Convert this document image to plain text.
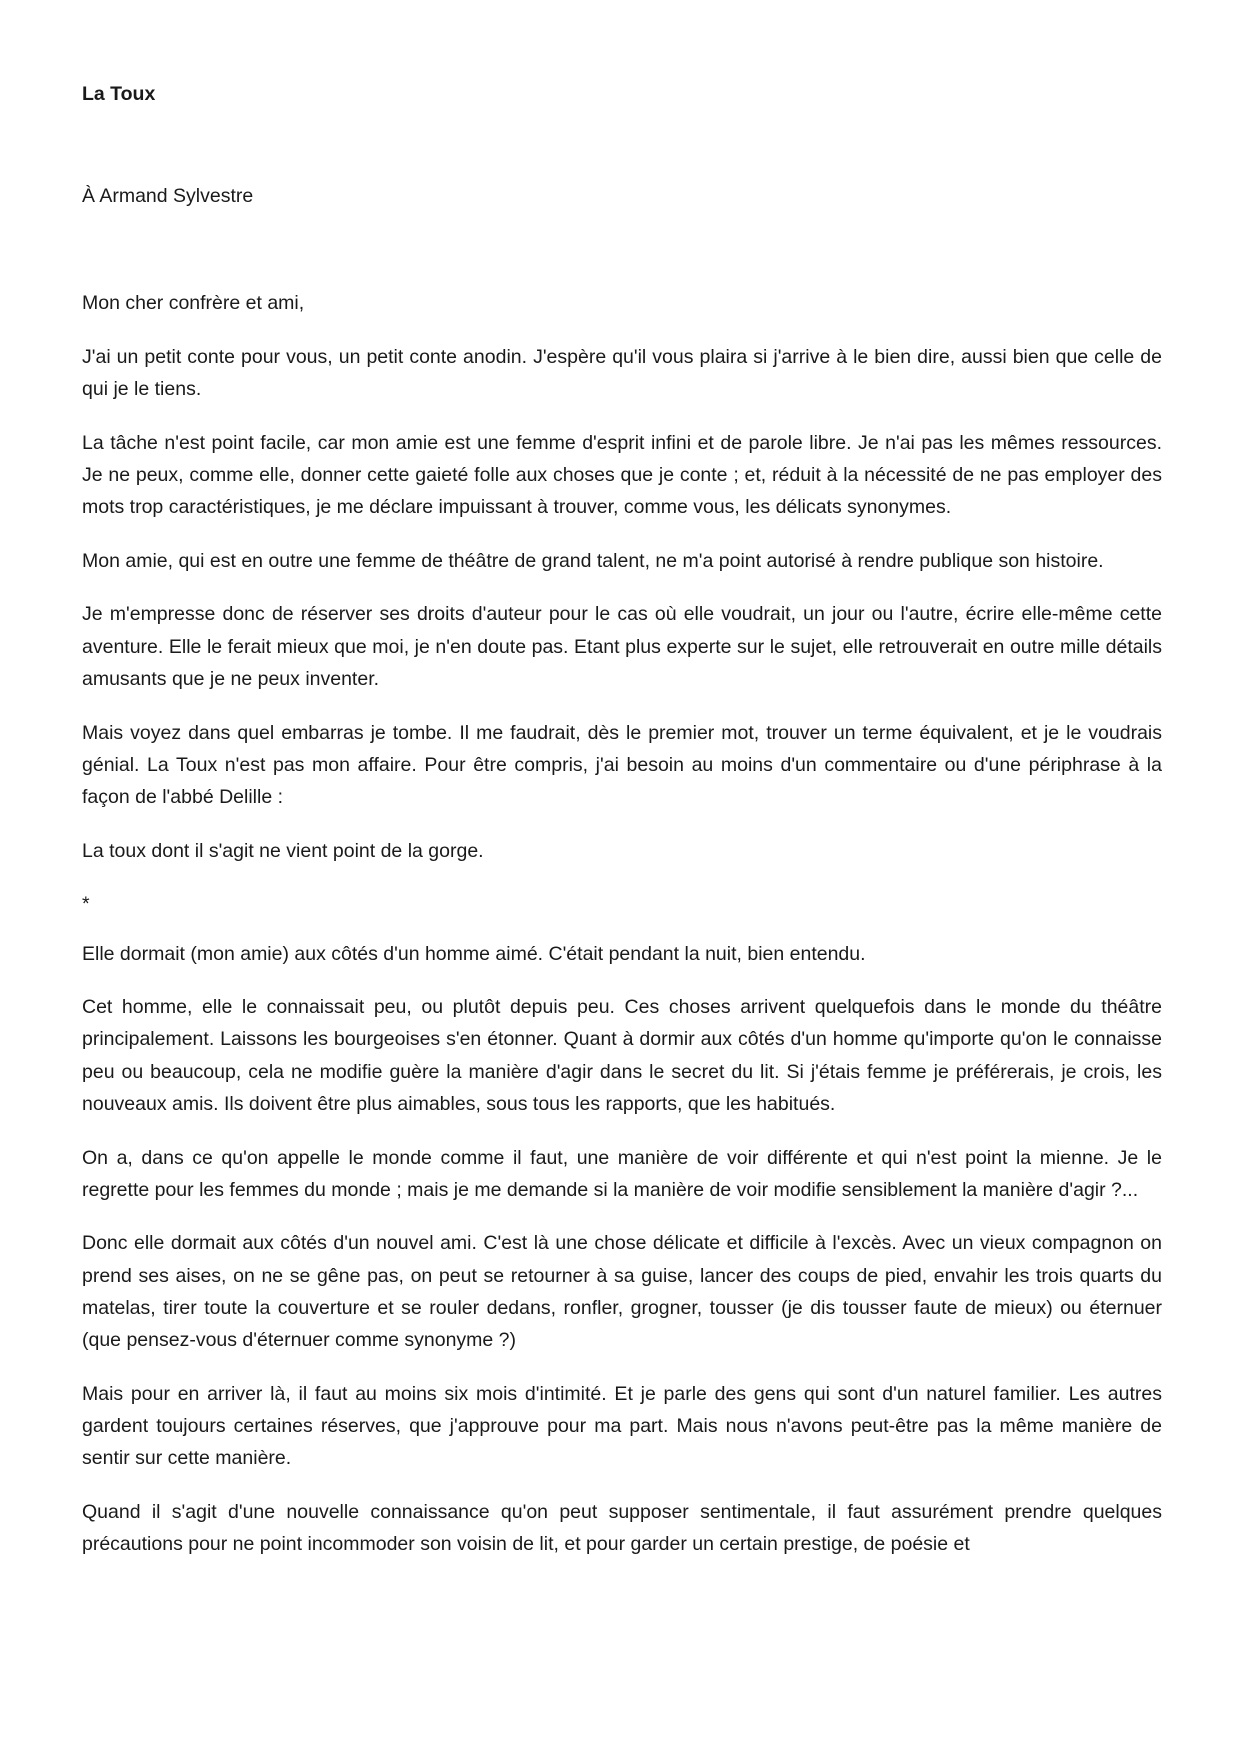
La Toux

À Armand Sylvestre

Mon cher confrère et ami,

J'ai un petit conte pour vous, un petit conte anodin. J'espère qu'il vous plaira si j'arrive à le bien dire, aussi bien que celle de qui je le tiens.

La tâche n'est point facile, car mon amie est une femme d'esprit infini et de parole libre. Je n'ai pas les mêmes ressources. Je ne peux, comme elle, donner cette gaieté folle aux choses que je conte ; et, réduit à la nécessité de ne pas employer des mots trop caractéristiques, je me déclare impuissant à trouver, comme vous, les délicats synonymes.

Mon amie, qui est en outre une femme de théâtre de grand talent, ne m'a point autorisé à rendre publique son histoire.

Je m'empresse donc de réserver ses droits d'auteur pour le cas où elle voudrait, un jour ou l'autre, écrire elle-même cette aventure. Elle le ferait mieux que moi, je n'en doute pas. Etant plus experte sur le sujet, elle retrouverait en outre mille détails amusants que je ne peux inventer.

Mais voyez dans quel embarras je tombe. Il me faudrait, dès le premier mot, trouver un terme équivalent, et je le voudrais génial. La Toux n'est pas mon affaire. Pour être compris, j'ai besoin au moins d'un commentaire ou d'une périphrase à la façon de l'abbé Delille :

La toux dont il s'agit ne vient point de la gorge.

*

Elle dormait (mon amie) aux côtés d'un homme aimé. C'était pendant la nuit, bien entendu.

Cet homme, elle le connaissait peu, ou plutôt depuis peu. Ces choses arrivent quelquefois dans le monde du théâtre principalement. Laissons les bourgeoises s'en étonner. Quant à dormir aux côtés d'un homme qu'importe qu'on le connaisse peu ou beaucoup, cela ne modifie guère la manière d'agir dans le secret du lit. Si j'étais femme je préférerais, je crois, les nouveaux amis. Ils doivent être plus aimables, sous tous les rapports, que les habitués.

On a, dans ce qu'on appelle le monde comme il faut, une manière de voir différente et qui n'est point la mienne. Je le regrette pour les femmes du monde ; mais je me demande si la manière de voir modifie sensiblement la manière d'agir ?...

Donc elle dormait aux côtés d'un nouvel ami. C'est là une chose délicate et difficile à l'excès. Avec un vieux compagnon on prend ses aises, on ne se gêne pas, on peut se retourner à sa guise, lancer des coups de pied, envahir les trois quarts du matelas, tirer toute la couverture et se rouler dedans, ronfler, grogner, tousser (je dis tousser faute de mieux) ou éternuer (que pensez-vous d'éternuer comme synonyme ?)

Mais pour en arriver là, il faut au moins six mois d'intimité. Et je parle des gens qui sont d'un naturel familier. Les autres gardent toujours certaines réserves, que j'approuve pour ma part. Mais nous n'avons peut-être pas la même manière de sentir sur cette manière.

Quand il s'agit d'une nouvelle connaissance qu'on peut supposer sentimentale, il faut assurément prendre quelques précautions pour ne point incommoder son voisin de lit, et pour garder un certain prestige, de poésie et
